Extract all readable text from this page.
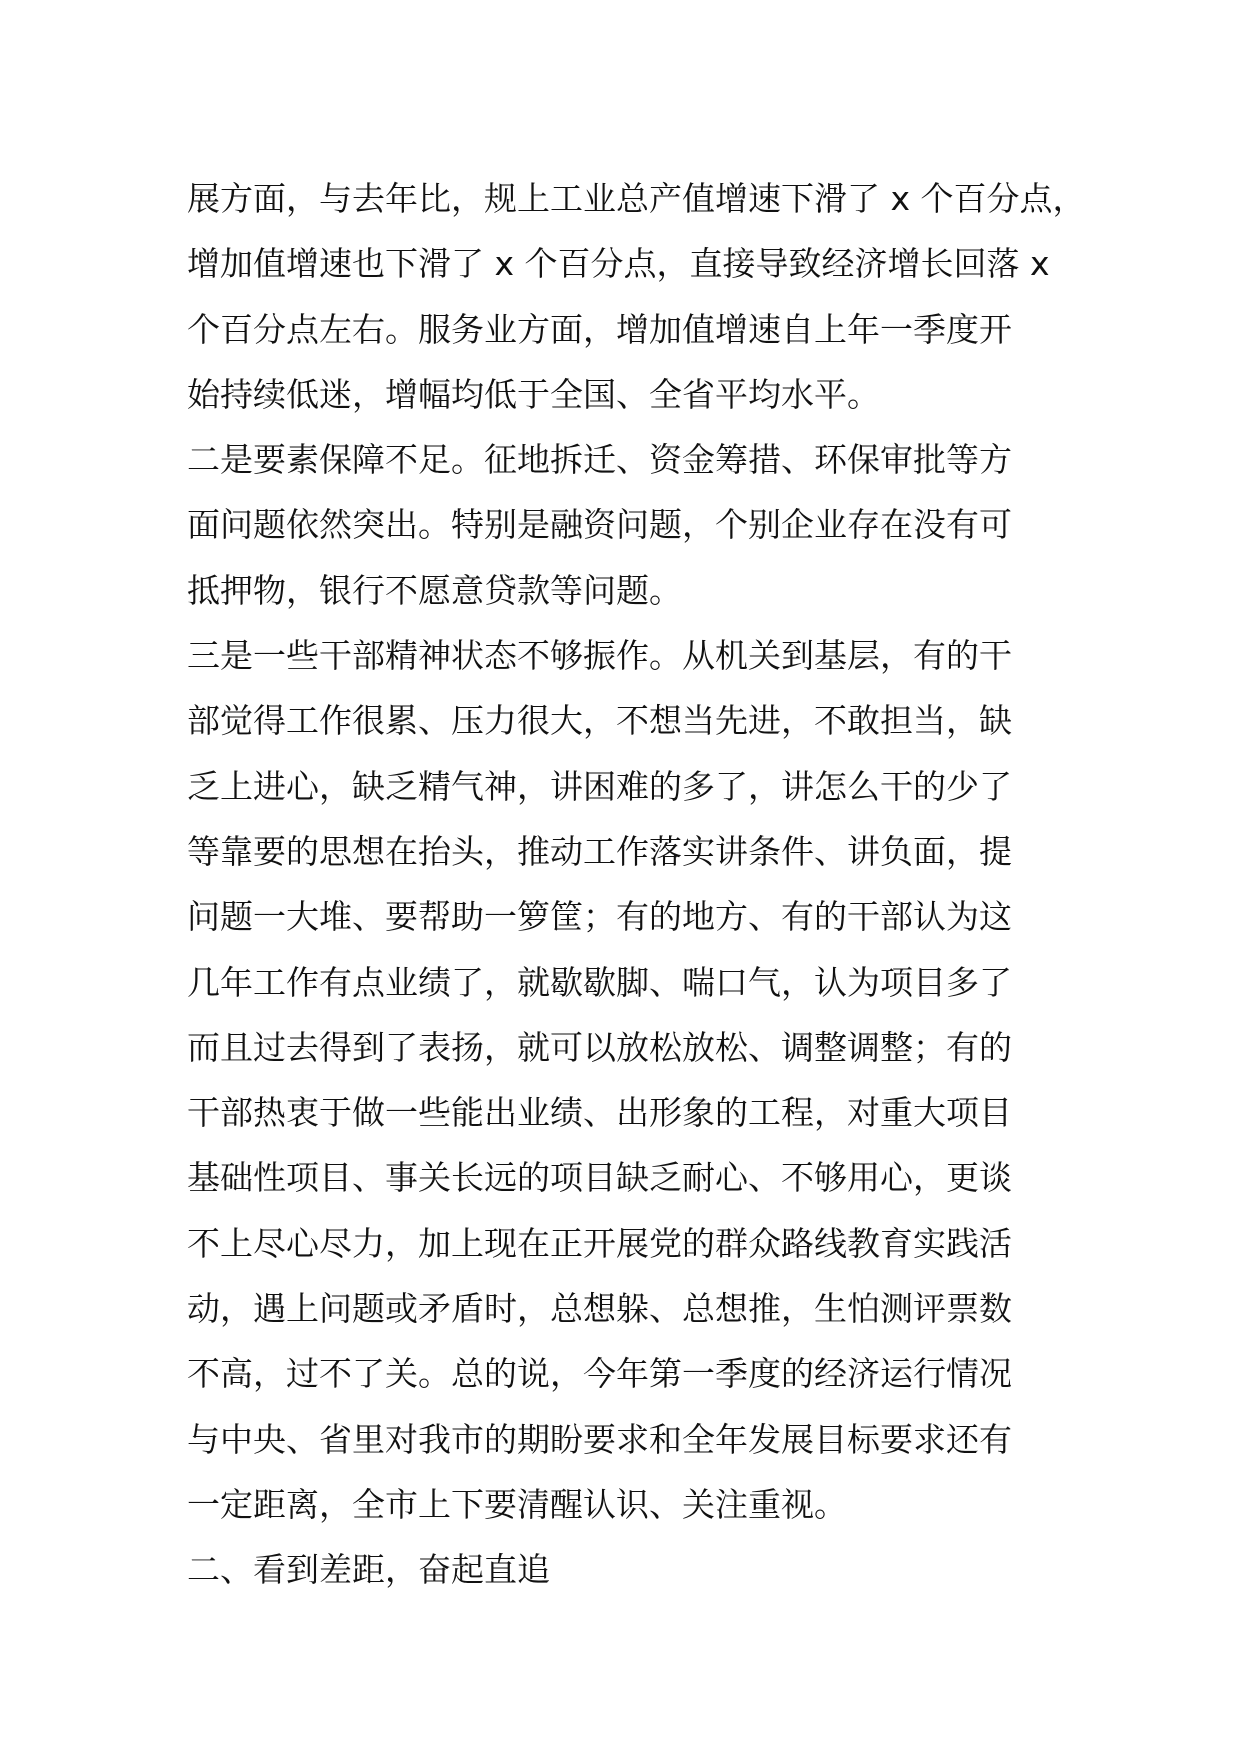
展方面，与去年比，规上工业总产值增速下滑了 x 个百分点，
增加值增速也下滑了 x 个百分点，直接导致经济增长回落 x
个百分点左右。服务业方面，增加值增速自上年一季度开
始持续低迷，增幅均低于全国、全省平均水平。
二是要素保障不足。征地拆迁、资金筹措、环保审批等方
面问题依然突出。特别是融资问题，个别企业存在没有可
抵押物，银行不愿意贷款等问题。
三是一些干部精神状态不够振作。从机关到基层，有的干
部觉得工作很累、压力很大，不想当先进，不敢担当，缺
乏上进心，缺乏精气神，讲困难的多了，讲怎么干的少了
等靠要的思想在抬头，推动工作落实讲条件、讲负面，提
问题一大堆、要帮助一箩筐；有的地方、有的干部认为这
几年工作有点业绩了，就歇歇脚、喘口气，认为项目多了
而且过去得到了表扬，就可以放松放松、调整调整；有的
干部热衷于做一些能出业绩、出形象的工程，对重大项目
基础性项目、事关长远的项目缺乏耐心、不够用心，更谈
不上尽心尽力，加上现在正开展党的群众路线教育实践活
动，遇上问题或矛盾时，总想躲、总想推，生怕测评票数
不高，过不了关。总的说，今年第一季度的经济运行情况
与中央、省里对我市的期盼要求和全年发展目标要求还有
一定距离，全市上下要清醒认识、关注重视。
二、看到差距，奋起直追
